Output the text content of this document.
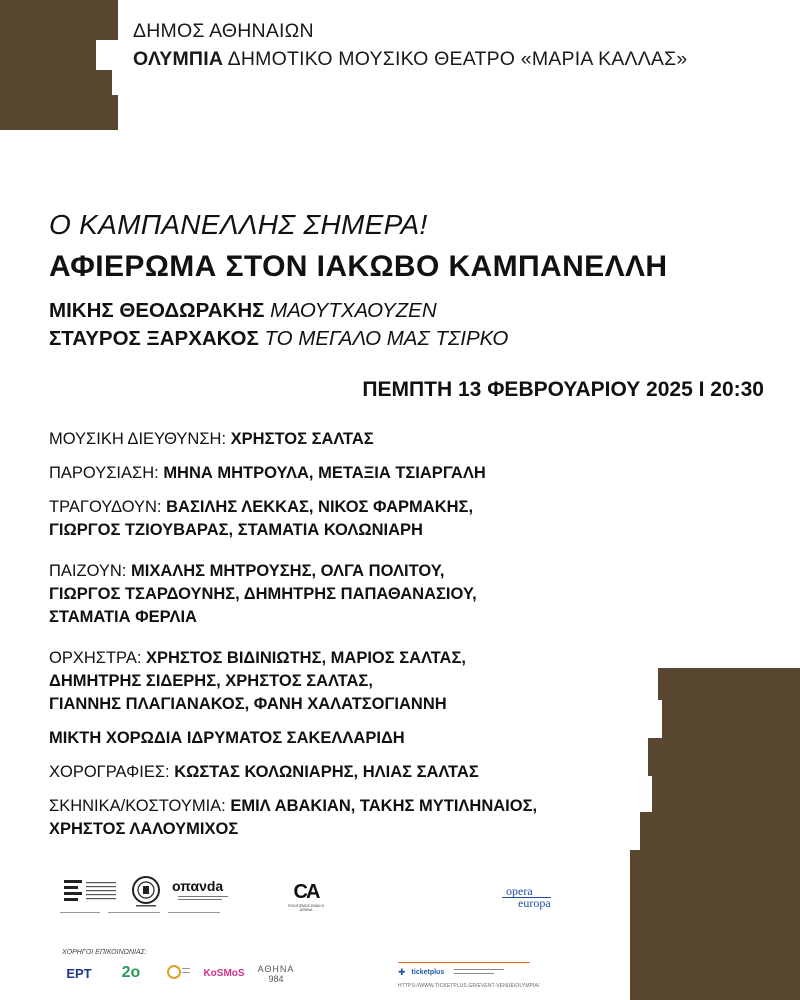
ΔΗΜΟΣ ΑΘΗΝΑΙΩΝ
ΟΛΥΜΠΙΑ ΔΗΜΟΤΙΚΟ ΜΟΥΣΙΚΟ ΘΕΑΤΡΟ «ΜΑΡΙΑ ΚΑΛΛΑΣ»
Ο ΚΑΜΠΑΝΕΛΛΗΣ ΣΗΜΕΡΑ!
ΑΦΙΕΡΩΜΑ ΣΤΟΝ ΙΑΚΩΒΟ ΚΑΜΠΑΝΕΛΛΗ
ΜΙΚΗΣ ΘΕΟΔΩΡΑΚΗΣ ΜΑΟΥΤΧΑΟΥΖΕΝ
ΣΤΑΥΡΟΣ ΞΑΡΧΑΚΟΣ ΤΟ ΜΕΓΑΛΟ ΜΑΣ ΤΣΙΡΚΟ
ΠΕΜΠΤΗ 13 ΦΕΒΡΟΥΑΡΙΟΥ 2025 Ι 20:30
ΜΟΥΣΙΚΗ ΔΙΕΥΘΥΝΣΗ: ΧΡΗΣΤΟΣ ΣΑΛΤΑΣ
ΠΑΡΟΥΣΙΑΣΗ: ΜΗΝΑ ΜΗΤΡΟΥΛΑ, ΜΕΤΑΞΙΑ ΤΣΙΑΡΓΑΛΗ
ΤΡΑΓΟΥΔΟΥΝ: ΒΑΣΙΛΗΣ ΛΕΚΚΑΣ, ΝΙΚΟΣ ΦΑΡΜΑΚΗΣ,
ΓΙΩΡΓΟΣ ΤΖΙΟΥΒΑΡΑΣ, ΣΤΑΜΑΤΙΑ ΚΟΛΩΝΙΑΡΗ
ΠΑΙΖΟΥΝ: ΜΙΧΑΛΗΣ ΜΗΤΡΟΥΣΗΣ, ΟΛΓΑ ΠΟΛΙΤΟΥ,
ΓΙΩΡΓΟΣ ΤΣΑΡΔΟΥΝΗΣ, ΔΗΜΗΤΡΗΣ ΠΑΠΑΘΑΝΑΣΙΟΥ,
ΣΤΑΜΑΤΙΑ ΦΕΡΛΙΑ
ΟΡΧΗΣΤΡΑ: ΧΡΗΣΤΟΣ ΒΙΔΙΝΙΩΤΗΣ, ΜΑΡΙΟΣ ΣΑΛΤΑΣ,
ΔΗΜΗΤΡΗΣ ΣΙΔΕΡΗΣ, ΧΡΗΣΤΟΣ ΣΑΛΤΑΣ,
ΓΙΑΝΝΗΣ ΠΛΑΓΙΑΝΑΚΟΣ, ΦΑΝΗ ΧΑΛΑΤΣΟΓΙΑΝΝΗ
ΜΙΚΤΗ ΧΟΡΩΔΙΑ ΙΔΡΥΜΑΤΟΣ ΣΑΚΕΛΛΑΡΙΔΗ
ΧΟΡΟΓΡΑΦΙΕΣ: ΚΩΣΤΑΣ ΚΟΛΩΝΙΑΡΗΣ, ΗΛΙΑΣ ΣΑΛΤΑΣ
ΣΚΗΝΙΚΑ/ΚΟΣΤΟΥΜΙΑ: ΕΜΙΛ ΑΒΑΚΙΑΝ, ΤΑΚΗΣ ΜΥΤΙΛΗΝΑΙΟΣ,
ΧΡΗΣΤΟΣ ΛΑΛΟΥΜΙΧΟΣ
οπανda	CA
ΠΟΛΙΤΙΣΜΟΣ ΕΙΝΑΙ Η ΑΘΗΝΑ
opera
europa
ΧΟΡΗΓΟΙ ΕΠΙΚΟΙΝΩΝΙΑΣ:
ΕΡΤ 2o	KoSMoS ΑΘΗΝΑ
984
✚ ticketplus
HTTPS://WWW.TICKETPLUS.GR/EVENT-VENUE/OLYMPIA/
